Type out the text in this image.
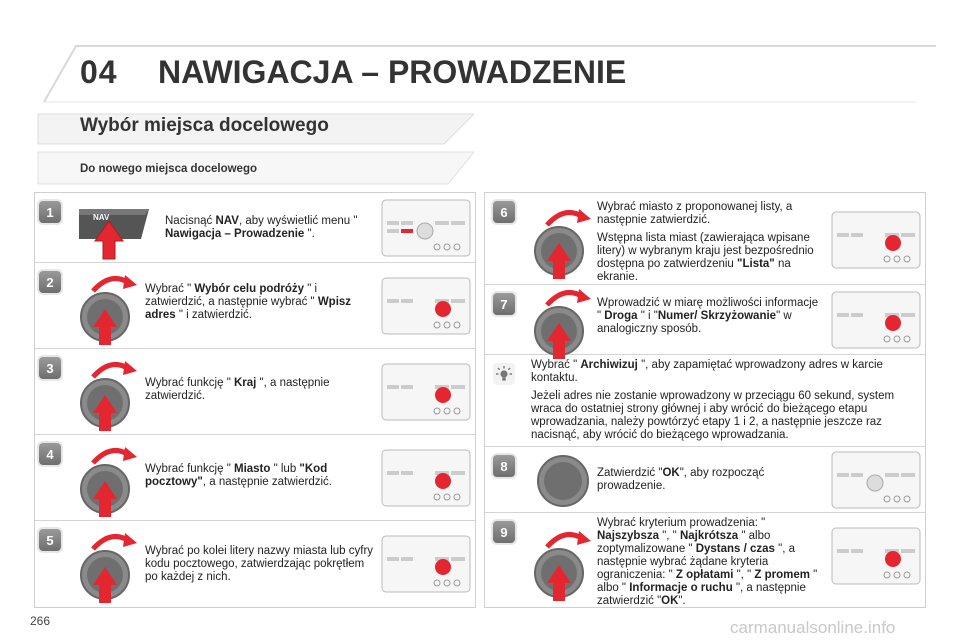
04 NAWIGACJA – PROWADZENIE
Wybór miejsca docelowego
Do nowego miejsca docelowego
1	NAV	Nacisnąć NAV, aby wyświetlić menu " Nawigacja – Prowadzenie ".
2	Wybrać " Wybór celu podróży " i zatwierdzić, a następnie wybrać " Wpisz adres " i zatwierdzić.
3
Wybrać funkcję " Kraj ", a następnie zatwierdzić.
4
Wybrać funkcję " Miasto " lub "Kod pocztowy", a następnie zatwierdzić.
5
Wybrać po kolei litery nazwy miasta lub cyfry kodu pocztowego, zatwierdzając pokrętłem po każdej z nich.
6	Wybrać miasto z proponowanej listy, a następnie zatwierdzić.

Wstępna lista miast (zawierająca wpisane litery) w wybranym kraju jest bezpośrednio dostępna po zatwierdzeniu "Lista" na ekranie.

7	Wprowadzić w miarę możliwości informacje " Droga " i "Numer/ Skrzyżowanie" w analogiczny sposób.

Wybrać " Archiwizuj ", aby zapamiętać wprowadzony adres w karcie kontaktu.

Jeżeli adres nie zostanie wprowadzony w przeciągu 60 sekund, system wraca do ostatniej strony głównej i aby wrócić do bieżącego etapu wprowadzania, należy powtórzyć etapy 1 i 2, a następnie jeszcze raz nacisnąć, aby wrócić do bieżącego wprowadzania.

8	Zatwierdzić "OK", aby rozpocząć prowadzenie.
9
Wybrać kryterium prowadzenia: " Najszybsza ", " Najkrótsza " albo zoptymalizowane " Dystans / czas ", a następnie wybrać żądane kryteria ograniczenia: " Z opłatami ", " Z promem " albo " Informacje o ruchu ", a następnie zatwierdzić "OK".
266	carmanualsonline.info
